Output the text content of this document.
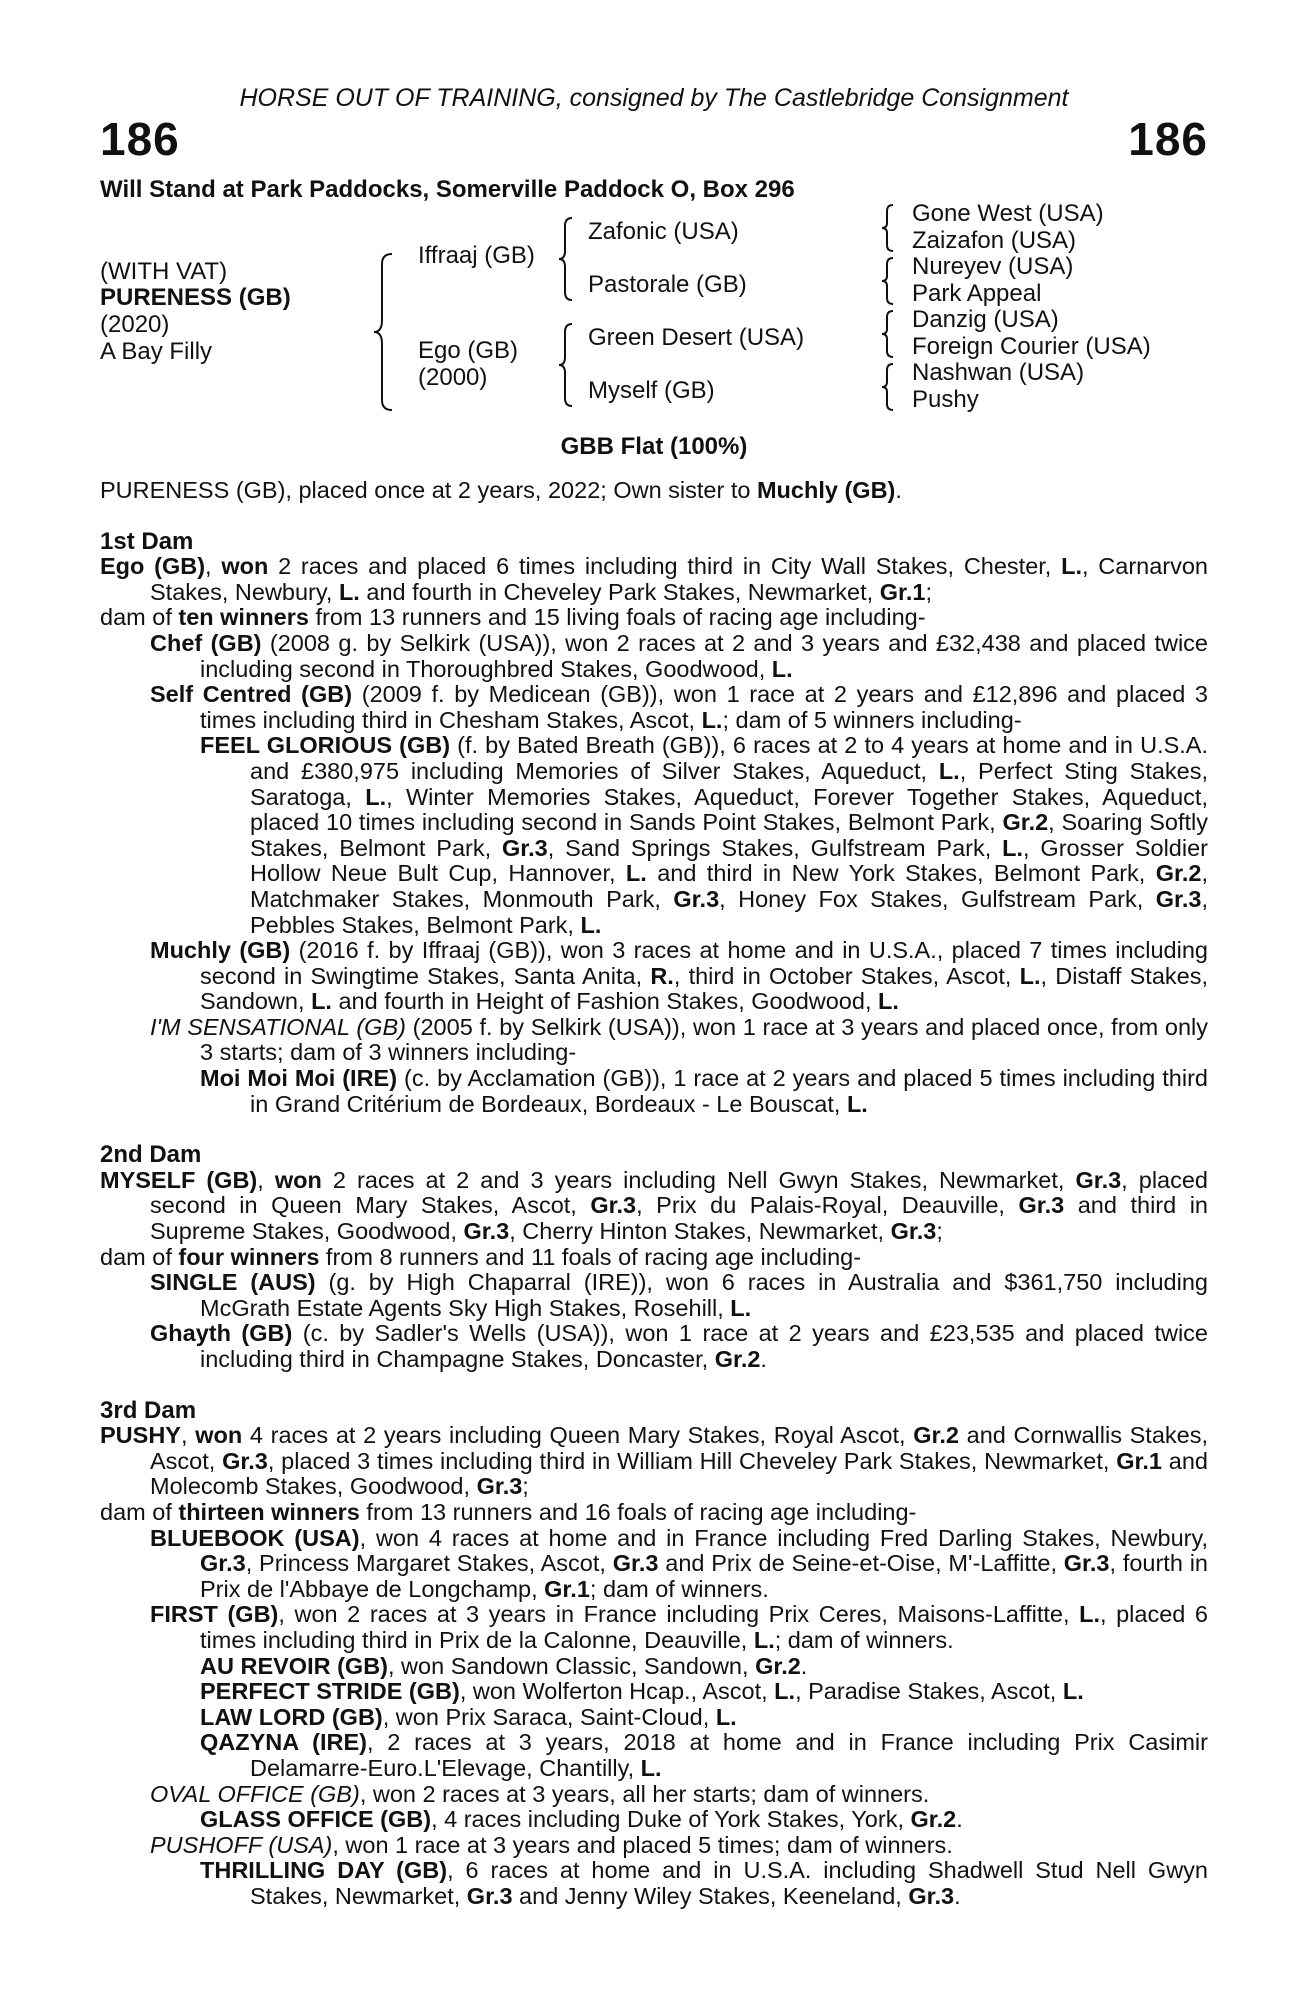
HORSE OUT OF TRAINING, consigned by The Castlebridge Consignment
186	186
Will Stand at Park Paddocks, Somerville Paddock O, Box 296
(WITH VAT)
PURENESS (GB)
(2020)
A Bay Filly
Iffraaj (GB)
Ego (GB)
(2000)
Zafonic (USA)
Pastorale (GB)
Green Desert (USA)
Myself (GB)
Gone West (USA)
Zaizafon (USA)
Nureyev (USA)
Park Appeal
Danzig (USA)
Foreign Courier (USA)
Nashwan (USA)
Pushy
GBB Flat (100%)
PURENESS (GB), placed once at 2 years, 2022; Own sister to Muchly (GB).
1st Dam
Ego (GB), won 2 races and placed 6 times including third in City Wall Stakes, Chester, L., Carnarvon Stakes, Newbury, L. and fourth in Cheveley Park Stakes, Newmarket, Gr.1;
dam of ten winners from 13 runners and 15 living foals of racing age including-
Chef (GB) (2008 g. by Selkirk (USA)), won 2 races at 2 and 3 years and £32,438 and placed twice including second in Thoroughbred Stakes, Goodwood, L.
Self Centred (GB) (2009 f. by Medicean (GB)), won 1 race at 2 years and £12,896 and placed 3 times including third in Chesham Stakes, Ascot, L.; dam of 5 winners including-
FEEL GLORIOUS (GB) (f. by Bated Breath (GB)), 6 races at 2 to 4 years at home and in U.S.A. and £380,975 including Memories of Silver Stakes, Aqueduct, L., Perfect Sting Stakes, Saratoga, L., Winter Memories Stakes, Aqueduct, Forever Together Stakes, Aqueduct, placed 10 times including second in Sands Point Stakes, Belmont Park, Gr.2, Soaring Softly Stakes, Belmont Park, Gr.3, Sand Springs Stakes, Gulfstream Park, L., Grosser Soldier Hollow Neue Bult Cup, Hannover, L. and third in New York Stakes, Belmont Park, Gr.2, Matchmaker Stakes, Monmouth Park, Gr.3, Honey Fox Stakes, Gulfstream Park, Gr.3, Pebbles Stakes, Belmont Park, L.
Muchly (GB) (2016 f. by Iffraaj (GB)), won 3 races at home and in U.S.A., placed 7 times including second in Swingtime Stakes, Santa Anita, R., third in October Stakes, Ascot, L., Distaff Stakes, Sandown, L. and fourth in Height of Fashion Stakes, Goodwood, L.
I'M SENSATIONAL (GB) (2005 f. by Selkirk (USA)), won 1 race at 3 years and placed once, from only 3 starts; dam of 3 winners including-
Moi Moi Moi (IRE) (c. by Acclamation (GB)), 1 race at 2 years and placed 5 times including third in Grand Critérium de Bordeaux, Bordeaux - Le Bouscat, L.
2nd Dam
MYSELF (GB), won 2 races at 2 and 3 years including Nell Gwyn Stakes, Newmarket, Gr.3, placed second in Queen Mary Stakes, Ascot, Gr.3, Prix du Palais-Royal, Deauville, Gr.3 and third in Supreme Stakes, Goodwood, Gr.3, Cherry Hinton Stakes, Newmarket, Gr.3;
dam of four winners from 8 runners and 11 foals of racing age including-
SINGLE (AUS) (g. by High Chaparral (IRE)), won 6 races in Australia and $361,750 including McGrath Estate Agents Sky High Stakes, Rosehill, L.
Ghayth (GB) (c. by Sadler's Wells (USA)), won 1 race at 2 years and £23,535 and placed twice including third in Champagne Stakes, Doncaster, Gr.2.
3rd Dam
PUSHY, won 4 races at 2 years including Queen Mary Stakes, Royal Ascot, Gr.2 and Cornwallis Stakes, Ascot, Gr.3, placed 3 times including third in William Hill Cheveley Park Stakes, Newmarket, Gr.1 and Molecomb Stakes, Goodwood, Gr.3;
dam of thirteen winners from 13 runners and 16 foals of racing age including-
BLUEBOOK (USA), won 4 races at home and in France including Fred Darling Stakes, Newbury, Gr.3, Princess Margaret Stakes, Ascot, Gr.3 and Prix de Seine-et-Oise, M'-Laffitte, Gr.3, fourth in Prix de l'Abbaye de Longchamp, Gr.1; dam of winners.
FIRST (GB), won 2 races at 3 years in France including Prix Ceres, Maisons-Laffitte, L., placed 6 times including third in Prix de la Calonne, Deauville, L.; dam of winners.
AU REVOIR (GB), won Sandown Classic, Sandown, Gr.2.
PERFECT STRIDE (GB), won Wolferton Hcap., Ascot, L., Paradise Stakes, Ascot, L.
LAW LORD (GB), won Prix Saraca, Saint-Cloud, L.
QAZYNA (IRE), 2 races at 3 years, 2018 at home and in France including Prix Casimir Delamarre-Euro.L'Elevage, Chantilly, L.
OVAL OFFICE (GB), won 2 races at 3 years, all her starts; dam of winners.
GLASS OFFICE (GB), 4 races including Duke of York Stakes, York, Gr.2.
PUSHOFF (USA), won 1 race at 3 years and placed 5 times; dam of winners.
THRILLING DAY (GB), 6 races at home and in U.S.A. including Shadwell Stud Nell Gwyn Stakes, Newmarket, Gr.3 and Jenny Wiley Stakes, Keeneland, Gr.3.
